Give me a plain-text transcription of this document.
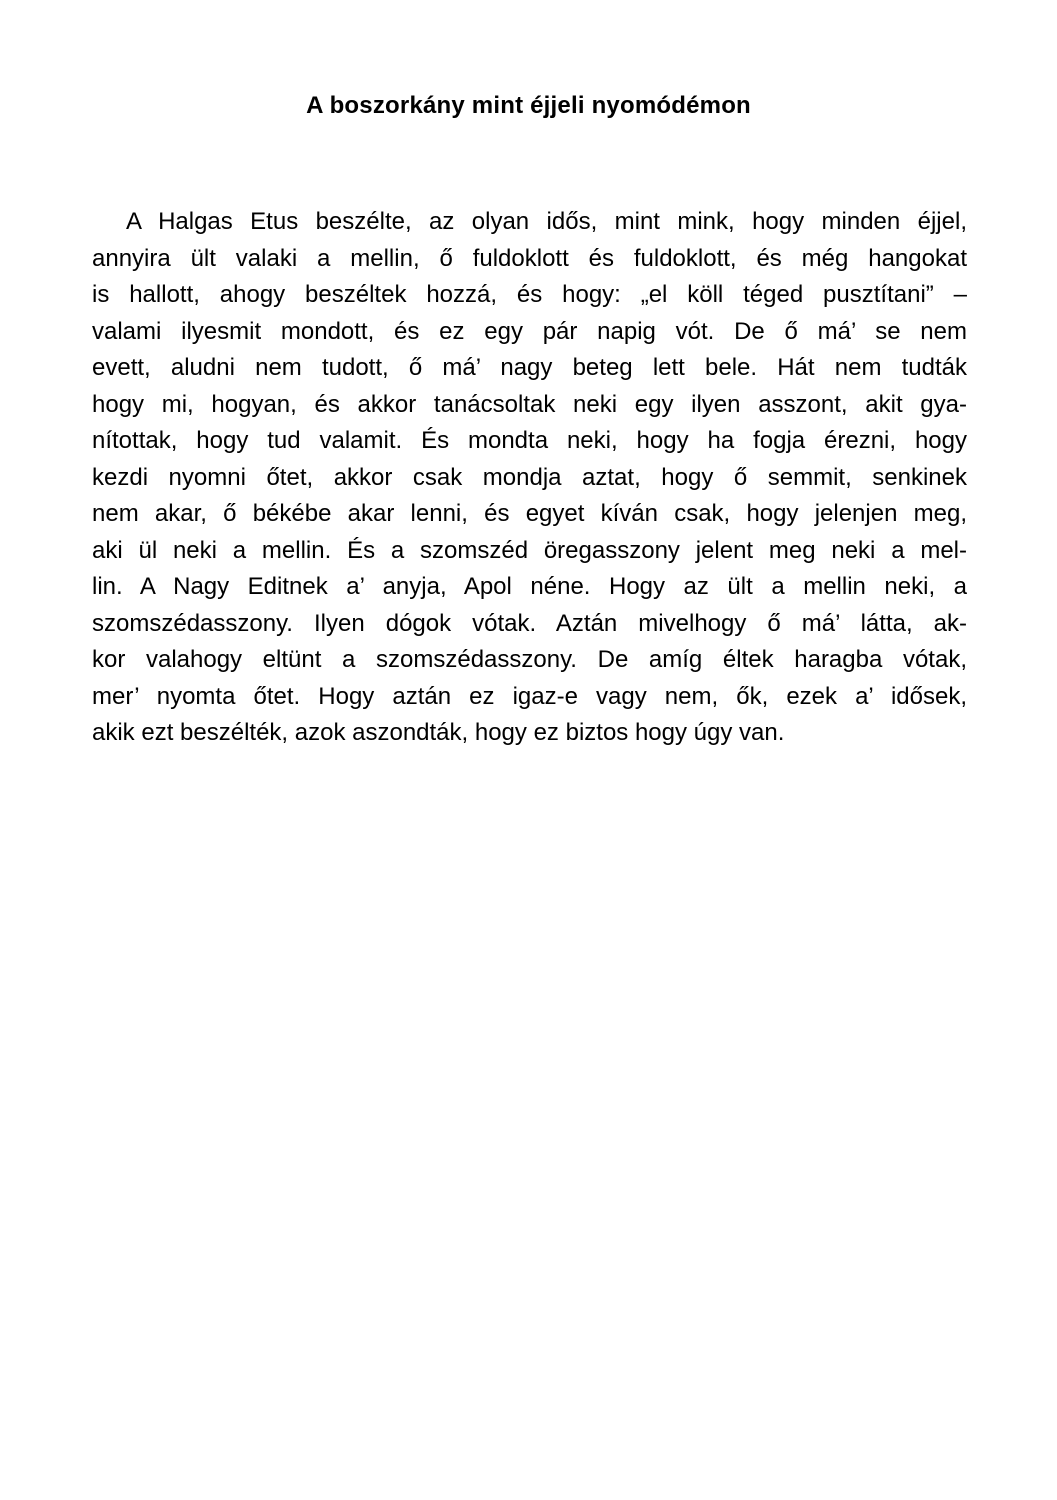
A boszorkány mint éjjeli nyomódémon
A Halgas Etus beszélte, az olyan idős, mint mink, hogy minden éjjel,
annyira ült valaki a mellin, ő fuldoklott és fuldoklott, és még hangokat
is hallott, ahogy beszéltek hozzá, és hogy: „el köll téged pusztítani” –
valami ilyesmit mondott, és ez egy pár napig vót. De ő má’ se nem
evett, aludni nem tudott, ő má’ nagy beteg lett bele. Hát nem tudták
hogy mi, hogyan, és akkor tanácsoltak neki egy ilyen asszont, akit gya-
nítottak, hogy tud valamit. És mondta neki, hogy ha fogja érezni, hogy
kezdi nyomni őtet, akkor csak mondja aztat, hogy ő semmit, senkinek
nem akar, ő békébe akar lenni, és egyet kíván csak, hogy jelenjen meg,
aki ül neki a mellin. És a szomszéd öregasszony jelent meg neki a mel-
lin. A Nagy Editnek a’ anyja, Apol néne. Hogy az ült a mellin neki, a
szomszédasszony. Ilyen dógok vótak. Aztán mivelhogy ő má’ látta, ak-
kor valahogy eltünt a szomszédasszony. De amíg éltek haragba vótak,
mer’ nyomta őtet. Hogy aztán ez igaz-e vagy nem, ők, ezek a’ idősek,
akik ezt beszélték, azok aszondták, hogy ez biztos hogy úgy van.
